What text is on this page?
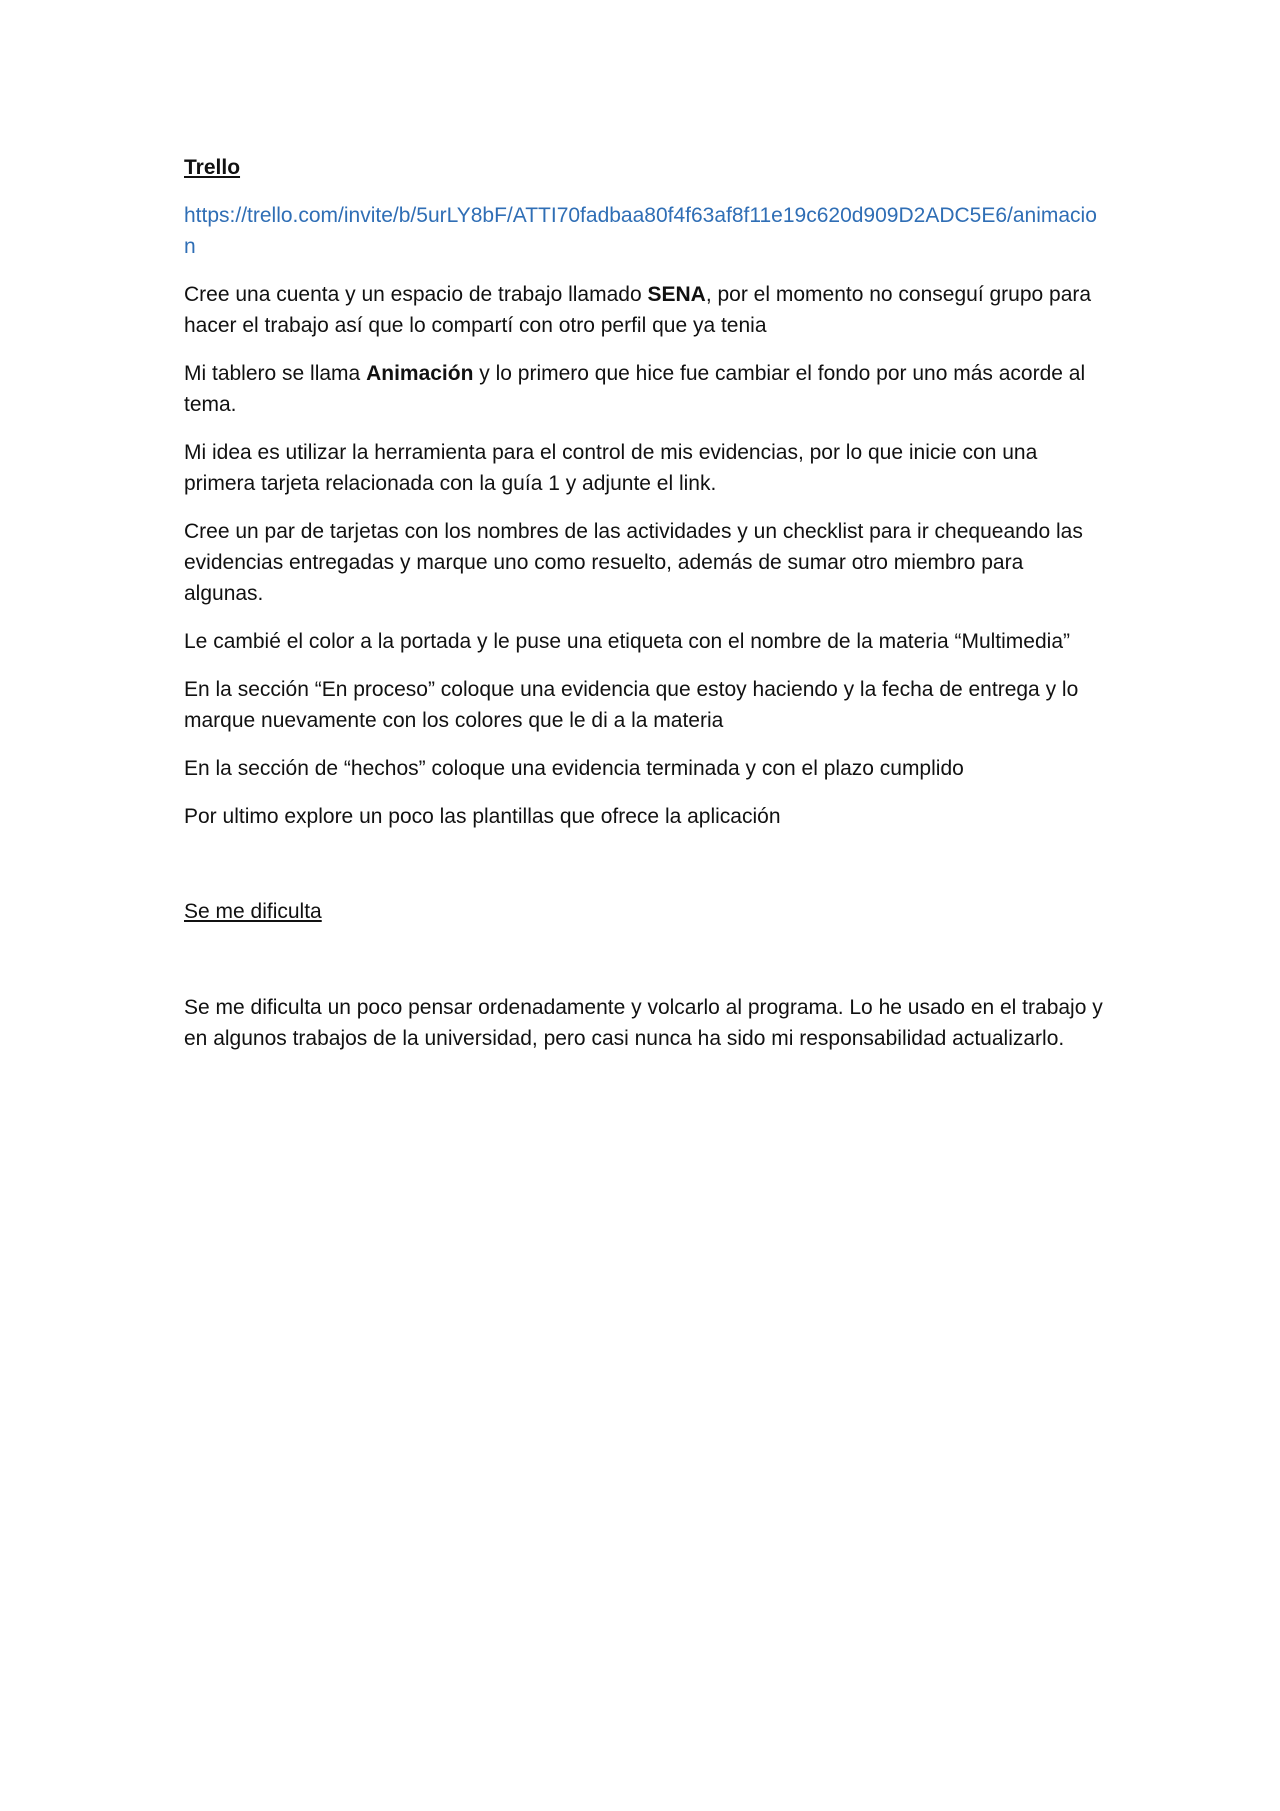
Trello

https://trello.com/invite/b/5urLY8bF/ATTI70fadbaa80f4f63af8f11e19c620d909D2ADC5E6/animacion

Cree una cuenta y un espacio de trabajo llamado SENA, por el momento no conseguí grupo para hacer el trabajo así que lo compartí con otro perfil que ya tenia

Mi tablero se llama Animación y lo primero que hice fue cambiar el fondo por uno más acorde al tema.

Mi idea es utilizar la herramienta para el control de mis evidencias, por lo que inicie con una primera tarjeta relacionada con la guía 1 y adjunte el link.

Cree un par de tarjetas con los nombres de las actividades y un checklist para ir chequeando las evidencias entregadas y marque uno como resuelto, además de sumar otro miembro para algunas.

Le cambié el color a la portada y le puse una etiqueta con el nombre de la materia “Multimedia”

En la sección “En proceso” coloque una evidencia que estoy haciendo y la fecha de entrega y lo marque nuevamente con los colores que le di a la materia

En la sección de “hechos” coloque una evidencia terminada y con el plazo cumplido

Por ultimo explore un poco las plantillas que ofrece la aplicación

Se me dificulta

Se me dificulta un poco pensar ordenadamente y volcarlo al programa. Lo he usado en el trabajo y en algunos trabajos de la universidad, pero casi nunca ha sido mi responsabilidad actualizarlo.
